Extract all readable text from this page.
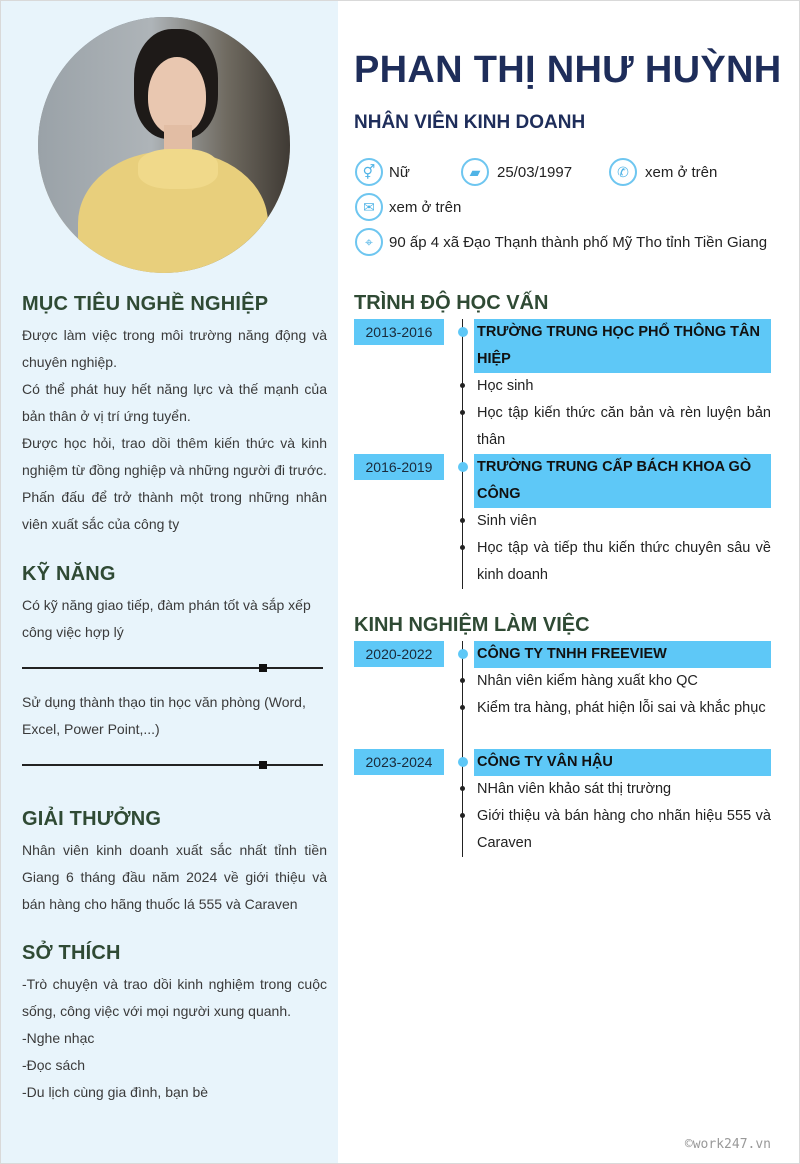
MỤC TIÊU NGHỀ NGHIỆP
Được làm việc trong môi trường năng động và chuyên nghiệp.
Có thể phát huy hết năng lực và thế mạnh của bản thân ở vị trí ứng tuyển.
Được học hỏi, trao dồi thêm kiến thức và kinh nghiệm từ đồng nghiệp và những người đi trước.
Phấn đấu để trở thành một trong những nhân viên xuất sắc của công ty
KỸ NĂNG
Có kỹ năng giao tiếp, đàm phán tốt và sắp xếp công việc hợp lý
Sử dụng thành thạo tin học văn phòng (Word, Excel, Power Point,...)
GIẢI THƯỞNG
Nhân viên kinh doanh xuất sắc nhất tỉnh tiền Giang 6 tháng đầu năm 2024 về giới thiệu và bán hàng cho hãng thuốc lá 555 và Caraven
SỞ THÍCH
-Trò chuyện và trao dồi kinh nghiệm trong cuộc sống, công việc với mọi người xung quanh.
-Nghe nhạc
-Đọc sách
-Du lịch cùng gia đình, bạn bè
PHAN THỊ NHƯ HUỲNH
NHÂN VIÊN KINH DOANH
⚥ Nữ	▰	25/03/1997	✆	xem ở trên
✉ xem ở trên
⌖	90 ấp 4 xã Đạo Thạnh thành phố Mỹ Tho tỉnh Tiền Giang
TRÌNH ĐỘ HỌC VẤN
2013-2016	TRƯỜNG TRUNG HỌC PHỔ THÔNG TÂN HIỆP
Học sinh
Học tập kiến thức căn bản và rèn luyện bản thân
2016-2019	TRƯỜNG TRUNG CẤP BÁCH KHOA GÒ CÔNG
Sinh viên
Học tập và tiếp thu kiến thức chuyên sâu về kinh doanh
KINH NGHIỆM LÀM VIỆC
2020-2022	CÔNG TY TNHH FREEVIEW
Nhân viên kiểm hàng xuất kho QC
Kiểm tra hàng, phát hiện lỗi sai và khắc phục
2023-2024	CÔNG TY VÂN HẬU
NHân viên khảo sát thị trường
Giới thiệu và bán hàng cho nhãn hiệu 555 và Caraven
©work247.vn
